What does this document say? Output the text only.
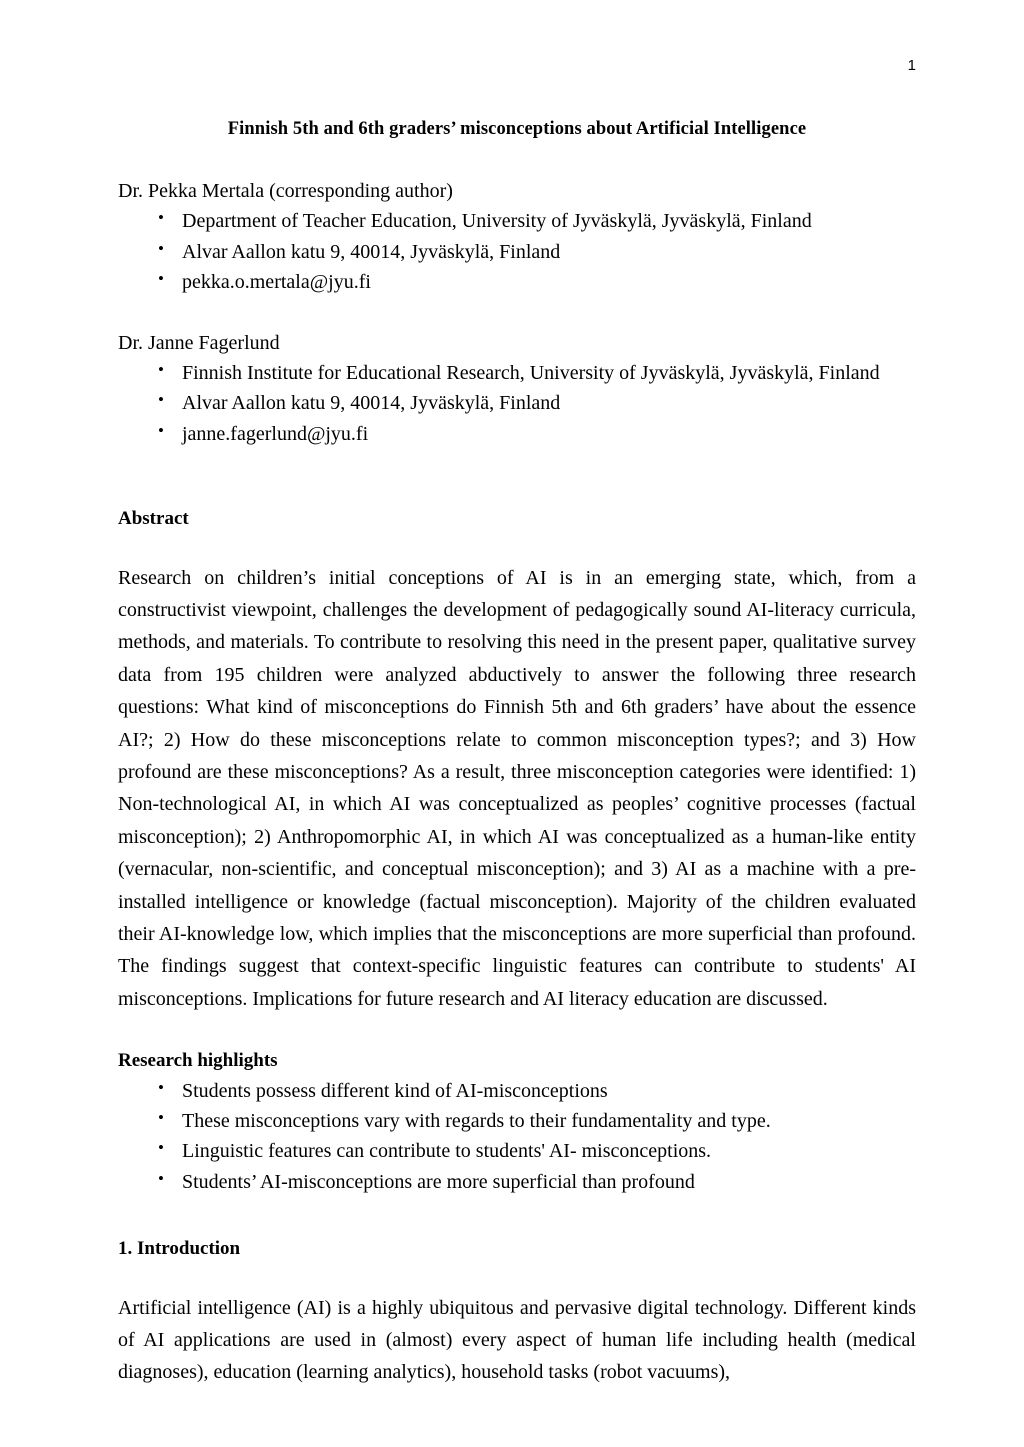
1
Finnish 5th and 6th graders’ misconceptions about Artificial Intelligence

Dr. Pekka Mertala (corresponding author)

• Department of Teacher Education, University of Jyväskylä, Jyväskylä, Finland
• Alvar Aallon katu 9, 40014, Jyväskylä, Finland
• pekka.o.mertala@jyu.fi

Dr. Janne Fagerlund

• Finnish Institute for Educational Research, University of Jyväskylä, Jyväskylä, Finland
• Alvar Aallon katu 9, 40014, Jyväskylä, Finland
• janne.fagerlund@jyu.fi
Abstract

Research on children’s initial conceptions of AI is in an emerging state, which, from a constructivist viewpoint, challenges the development of pedagogically sound AI-literacy curricula, methods, and materials. To contribute to resolving this need in the present paper, qualitative survey data from 195 children were analyzed abductively to answer the following three research questions: What kind of misconceptions do Finnish 5th and 6th graders’ have about the essence AI?; 2) How do these misconceptions relate to common misconception types?; and 3) How profound are these misconceptions? As a result, three misconception categories were identified: 1) Non-technological AI, in which AI was conceptualized as peoples’ cognitive processes (factual misconception); 2) Anthropomorphic AI, in which AI was conceptualized as a human-like entity (vernacular, non-scientific, and conceptual misconception); and 3) AI as a machine with a pre-installed intelligence or knowledge (factual misconception). Majority of the children evaluated their AI-knowledge low, which implies that the misconceptions are more superficial than profound. The findings suggest that context-specific linguistic features can contribute to students' AI misconceptions. Implications for future research and AI literacy education are discussed.

Research highlights
• Students possess different kind of AI-misconceptions
• These misconceptions vary with regards to their fundamentality and type.
• Linguistic features can contribute to students' AI- misconceptions.
• Students’ AI-misconceptions are more superficial than profound
1. Introduction

Artificial intelligence (AI) is a highly ubiquitous and pervasive digital technology. Different kinds of AI applications are used in (almost) every aspect of human life including health (medical diagnoses), education (learning analytics), household tasks (robot vacuums),
